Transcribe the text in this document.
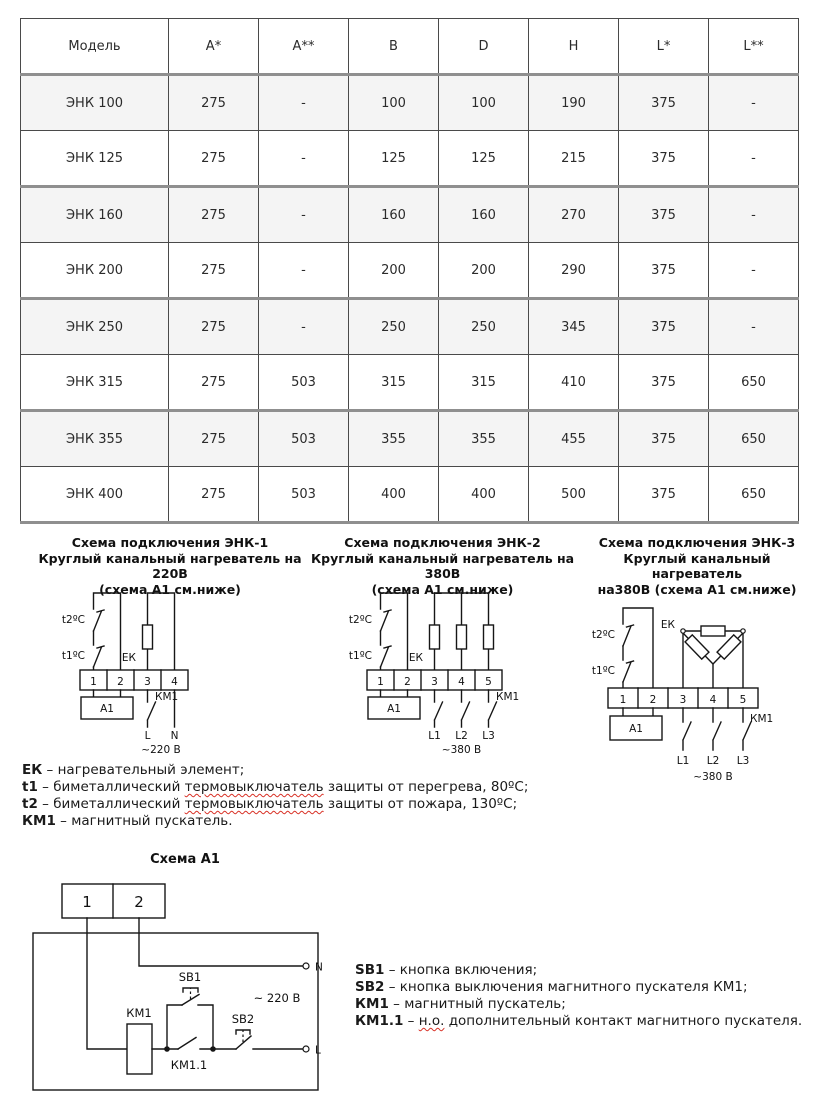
Модель	A*	A**	B	D	H	L*	L**
ЭНК 100	275	-	100	100	190	375	-
ЭНК 125	275	-	125	125	215	375	-
ЭНК 160	275	-	160	160	270	375	-
ЭНК 200	275	-	200	200	290	375	-
ЭНК 250	275	-	250	250	345	375	-
ЭНК 315	275	503	315	315	410	375	650
ЭНК 355	275	503	355	355	455	375	650
ЭНК 400	275	503	400	400	500	375	650
Схема подключения ЭНК-1
Круглый канальный нагреватель на 220В
(схема А1 см.ниже)
Схема подключения ЭНК-2
Круглый канальный нагреватель на 380В
(схема А1 см.ниже)
Схема подключения ЭНК-3
Круглый канальный нагреватель
на380В (схема А1 см.ниже)
1 2 3 4
А1
t2ºC
t1ºC	ЕК
КМ1
L N
~220 В
1 2 3 4 5
А1
t2ºC
t1ºC	ЕК
КМ1
L1 L2 L3
~380 В
1 2 3 4 5
А1
t2ºC
t1ºC
ЕК
КМ1
L1 L2 L3
~380 В
ЕК – нагревательный элемент;
t1 – биметаллический термовыключатель защиты от перегрева, 80ºС;
t2 – биметаллический термовыключатель защиты от пожара, 130ºС;
КМ1 – магнитный пускатель.
Схема А1
1	2
N
L
КМ1
КМ1.1
SB1
SB2
~ 220 В
SB1 – кнопка включения;
SB2 – кнопка выключения магнитного пускателя КМ1;
КМ1 – магнитный пускатель;
КМ1.1 – н.о. дополнительный контакт магнитного пускателя.
